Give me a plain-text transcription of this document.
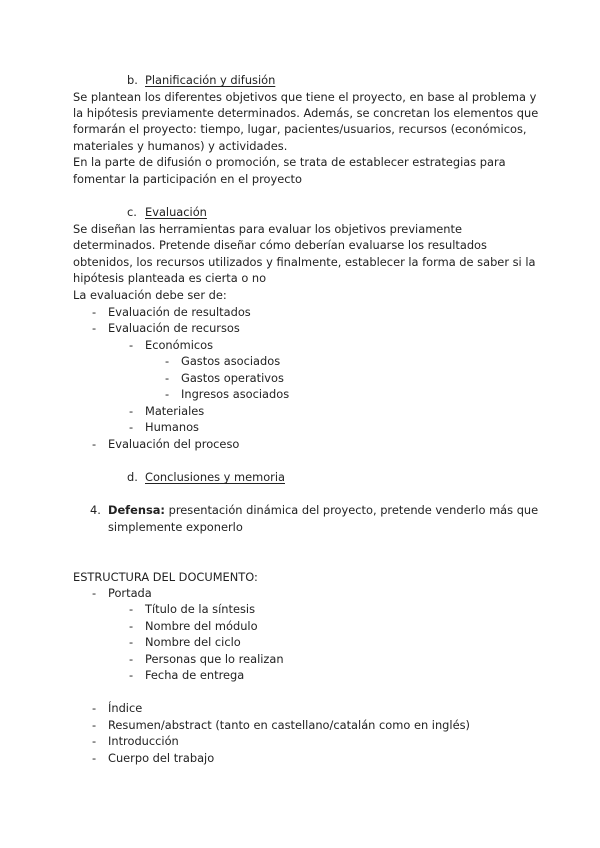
b. Planificación y difusión
Se plantean los diferentes objetivos que tiene el proyecto, en base al problema y
la hipótesis previamente determinados. Además, se concretan los elementos que
formarán el proyecto: tiempo, lugar, pacientes/usuarios, recursos (económicos,
materiales y humanos) y actividades.
En la parte de difusión o promoción, se trata de establecer estrategias para
fomentar la participación en el proyecto
c. Evaluación
Se diseñan las herramientas para evaluar los objetivos previamente
determinados. Pretende diseñar cómo deberían evaluarse los resultados
obtenidos, los recursos utilizados y finalmente, establecer la forma de saber si la
hipótesis planteada es cierta o no
La evaluación debe ser de:
- Evaluación de resultados
- Evaluación de recursos
- Económicos
- Gastos asociados
- Gastos operativos
- Ingresos asociados
- Materiales
- Humanos
- Evaluación del proceso
d. Conclusiones y memoria
4. Defensa: presentación dinámica del proyecto, pretende venderlo más que
simplemente exponerlo
ESTRUCTURA DEL DOCUMENTO:
- Portada
- Título de la síntesis
- Nombre del módulo
- Nombre del ciclo
- Personas que lo realizan
- Fecha de entrega
- Índice
- Resumen/abstract (tanto en castellano/catalán como en inglés)
- Introducción
- Cuerpo del trabajo
